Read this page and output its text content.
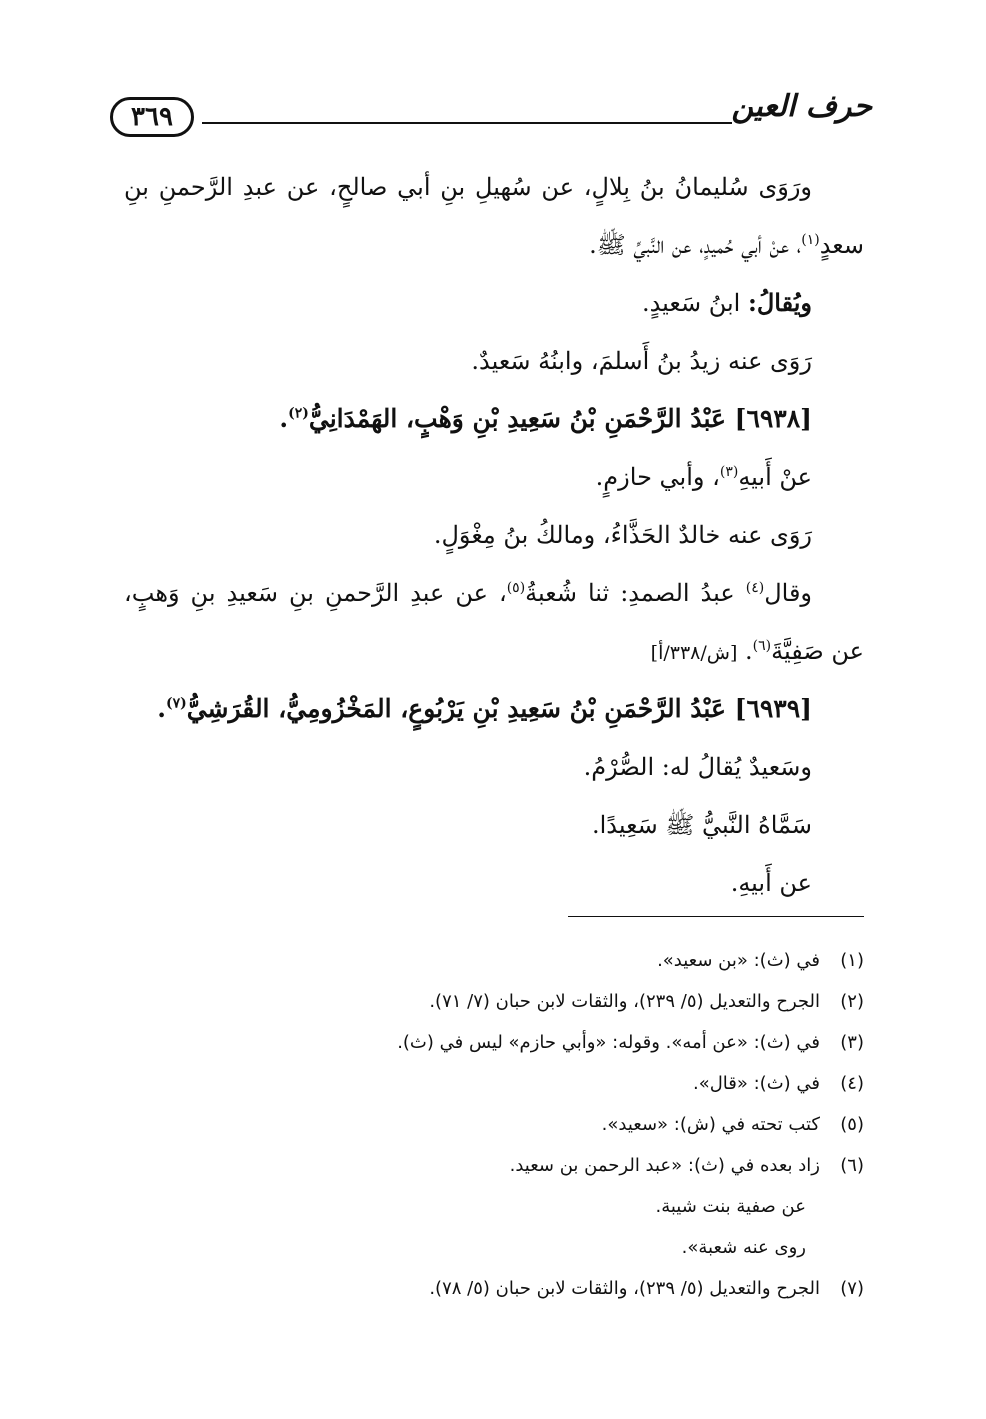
حرف العين
٣٦٩
ورَوَى سُليمانُ بنُ بِلالٍ، عن سُهيلِ بنِ أبي صالحٍ، عن عبدِ الرَّحمنِ بنِ
سعدٍ$^{(١)}$، عنْ أبي حُميدٍ، عن النَّبيِّ ﷺ.
ويُقالُ: ابنُ سَعيدٍ.
رَوَى عنه زيدُ بنُ أَسلمَ، وابنُهُ سَعيدٌ.
[٦٩٣٨] عَبْدُ الرَّحْمَنِ بْنُ سَعِيدِ بْنِ وَهْبٍ، الهَمْدَانِيُّ$^{(٢)}$.
عنْ أَبيهِ$^{(٣)}$، وأبي حازمٍ.
رَوَى عنه خالدٌ الحَذَّاءُ، ومالكُ بنُ مِغْوَلٍ.
وقال$^{(٤)}$ عبدُ الصمدِ: ثنا شُعبةُ$^{(٥)}$، عن عبدِ الرَّحمنِ بنِ سَعيدِ بنِ وَهبٍ،
عن صَفِيَّةَ$^{(٦)}$. [ش/٣٣٨/أ]
[٦٩٣٩] عَبْدُ الرَّحْمَنِ بْنُ سَعِيدِ بْنِ يَرْبُوعٍ، المَخْزُومِيُّ، القُرَشِيُّ$^{(٧)}$.
وسَعيدٌ يُقالُ له: الصُّرْمُ.
سَمَّاهُ النَّبيُّ ﷺ سَعِيدًا.
عن أَبيهِ.
(١)في (ث): «بن سعيد».
(٢)الجرح والتعديل (٥/ ٢٣٩)، والثقات لابن حبان (٧/ ٧١).
(٣)في (ث): «عن أمه». وقوله: «وأبي حازم» ليس في (ث).
(٤)في (ث): «قال».
(٥)كتب تحته في (ش): «سعيد».
(٦)زاد بعده في (ث): «عبد الرحمن بن سعيد.
عن صفية بنت شيبة.
روى عنه شعبة».
(٧)الجرح والتعديل (٥/ ٢٣٩)، والثقات لابن حبان (٥/ ٧٨).
